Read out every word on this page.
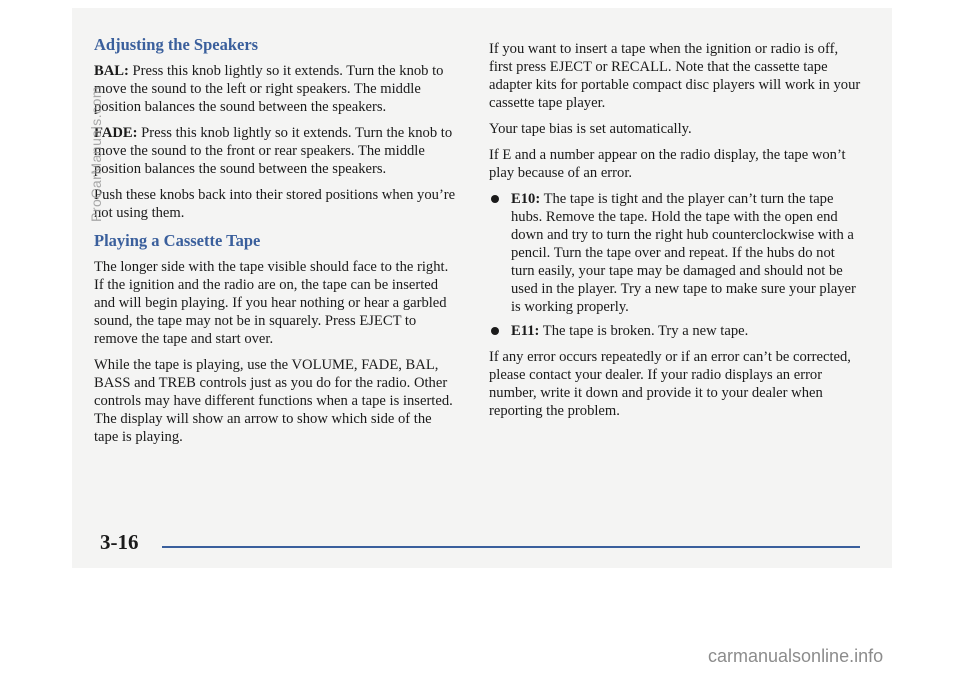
Adjusting the Speakers

BAL: Press this knob lightly so it extends. Turn the knob to move the sound to the left or right speakers. The middle position balances the sound between the speakers.

FADE: Press this knob lightly so it extends. Turn the knob to move the sound to the front or rear speakers. The middle position balances the sound between the speakers.

Push these knobs back into their stored positions when you’re not using them.

Playing a Cassette Tape

The longer side with the tape visible should face to the right. If the ignition and the radio are on, the tape can be inserted and will begin playing. If you hear nothing or hear a garbled sound, the tape may not be in squarely. Press EJECT to remove the tape and start over.

While the tape is playing, use the VOLUME, FADE, BAL, BASS and TREB controls just as you do for the radio. Other controls may have different functions when a tape is inserted. The display will show an arrow to show which side of the tape is playing.

If you want to insert a tape when the ignition or radio is off, first press EJECT or RECALL. Note that the cassette tape adapter kits for portable compact disc players will work in your cassette tape player.

Your tape bias is set automatically.

If E and a number appear on the radio display, the tape won’t play because of an error.

E10: The tape is tight and the player can’t turn the tape hubs. Remove the tape. Hold the tape with the open end down and try to turn the right hub counterclockwise with a pencil. Turn the tape over and repeat. If the hubs do not turn easily, your tape may be damaged and should not be used in the player. Try a new tape to make sure your player is working properly.
E11: The tape is broken. Try a new tape.

If any error occurs repeatedly or if an error can’t be corrected, please contact your dealer. If your radio displays an error number, write it down and provide it to your dealer when reporting the problem.

3-16
ProCarManuals.com
carmanualsonline.info
